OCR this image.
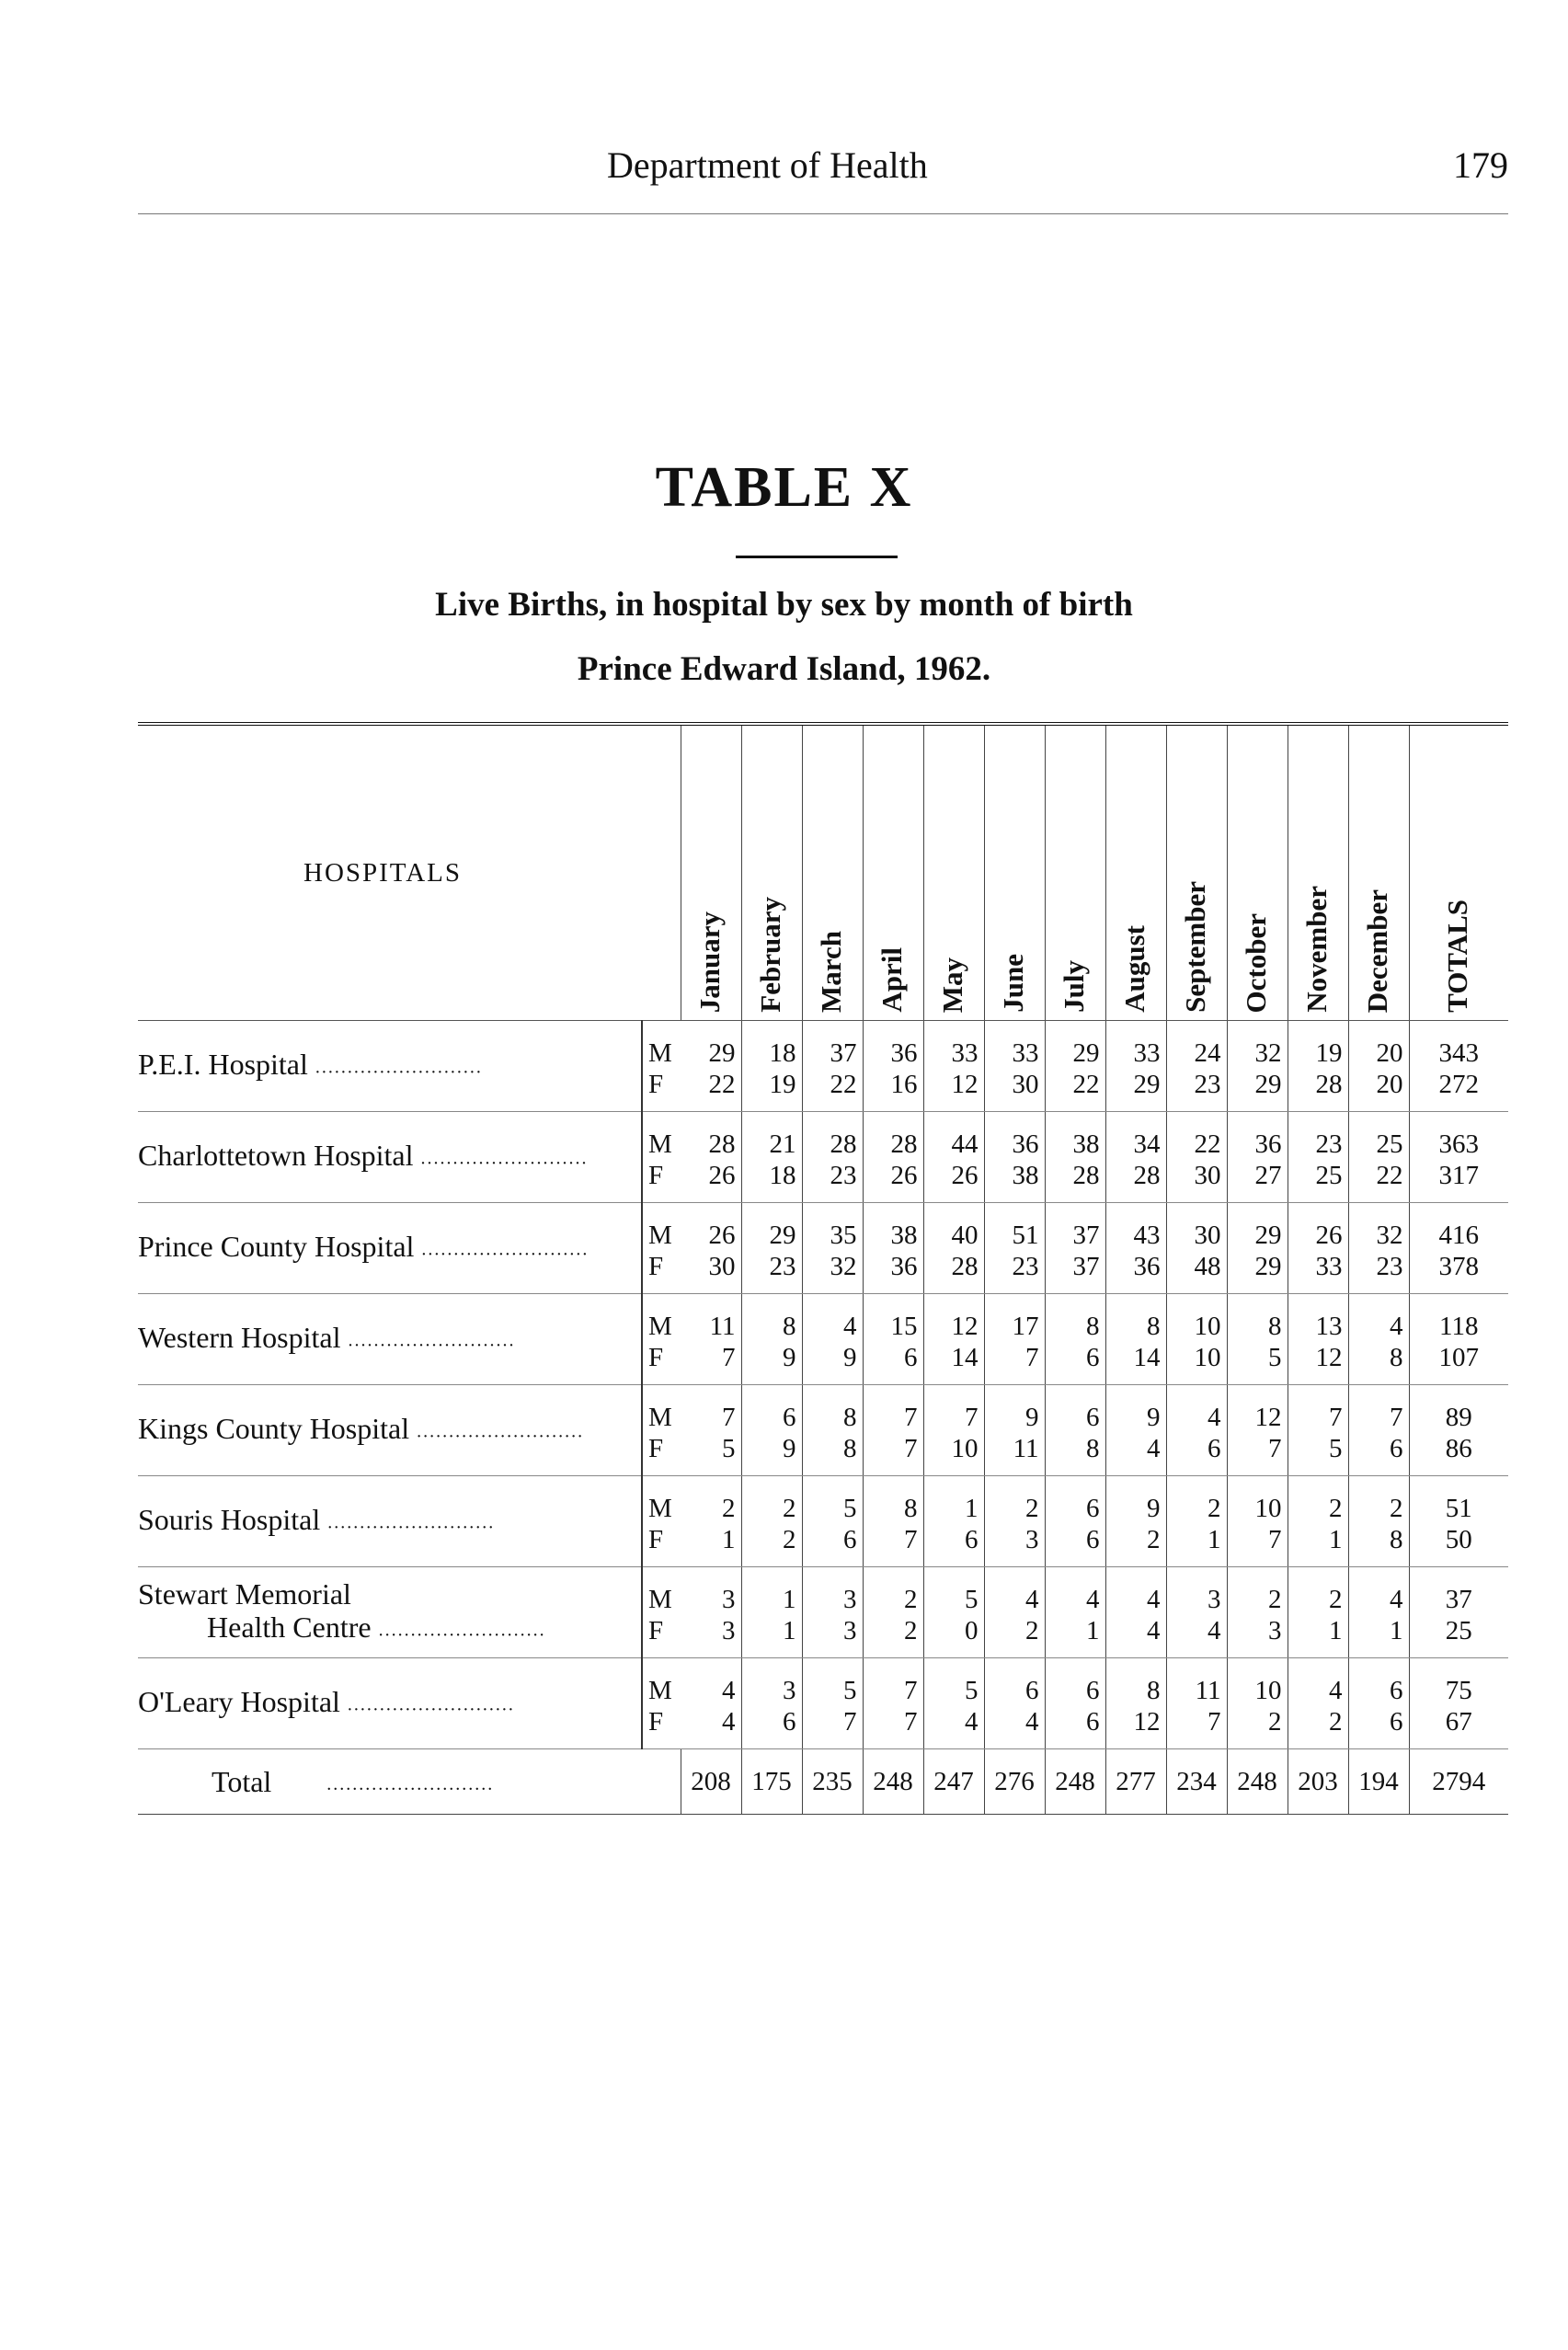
Department of Health	179
TABLE X
Live Births, in hospital by sex by month of birth
Prince Edward Island, 1962.
HOSPITALS		January	February	March	April	May	June	July	August	September	October	November	December	TOTALS

P.E.I. Hospital ..........................	M	29	18	37	36	33	33	29	33	24	32	19	20	343
	F	22	19	22	16	12	30	22	29	23	29	28	20	272

Charlottetown Hospital ..........................	M	28	21	28	28	44	36	38	34	22	36	23	25	363
	F	26	18	23	26	26	38	28	28	30	27	25	22	317

Prince County Hospital ..........................	M	26	29	35	38	40	51	37	43	30	29	26	32	416
	F	30	23	32	36	28	23	37	36	48	29	33	23	378

Western Hospital ..........................	M	11	8	4	15	12	17	8	8	10	8	13	4	118
	F	7	9	9	6	14	7	6	14	10	5	12	8	107

Kings County Hospital ..........................	M	7	6	8	7	7	9	6	9	4	12	7	7	89
	F	5	9	8	7	10	11	8	4	6	7	5	6	86

Souris Hospital ..........................	M	2	2	5	8	1	2	6	9	2	10	2	2	51
	F	1	2	6	7	6	3	6	2	1	7	1	8	50

Stewart Memorial
Health Centre ..........................	M	3	1	3	2	5	4	4	4	3	2	2	4	37
	F	3	1	3	2	0	2	1	4	4	3	1	1	25

O'Leary Hospital ..........................	M	4	3	5	7	5	6	6	8	11	10	4	6	75
	F	4	6	7	7	4	4	6	12	7	2	2	6	67
Total ..........................		208	175	235	248	247	276	248	277	234	248	203	194	2794
